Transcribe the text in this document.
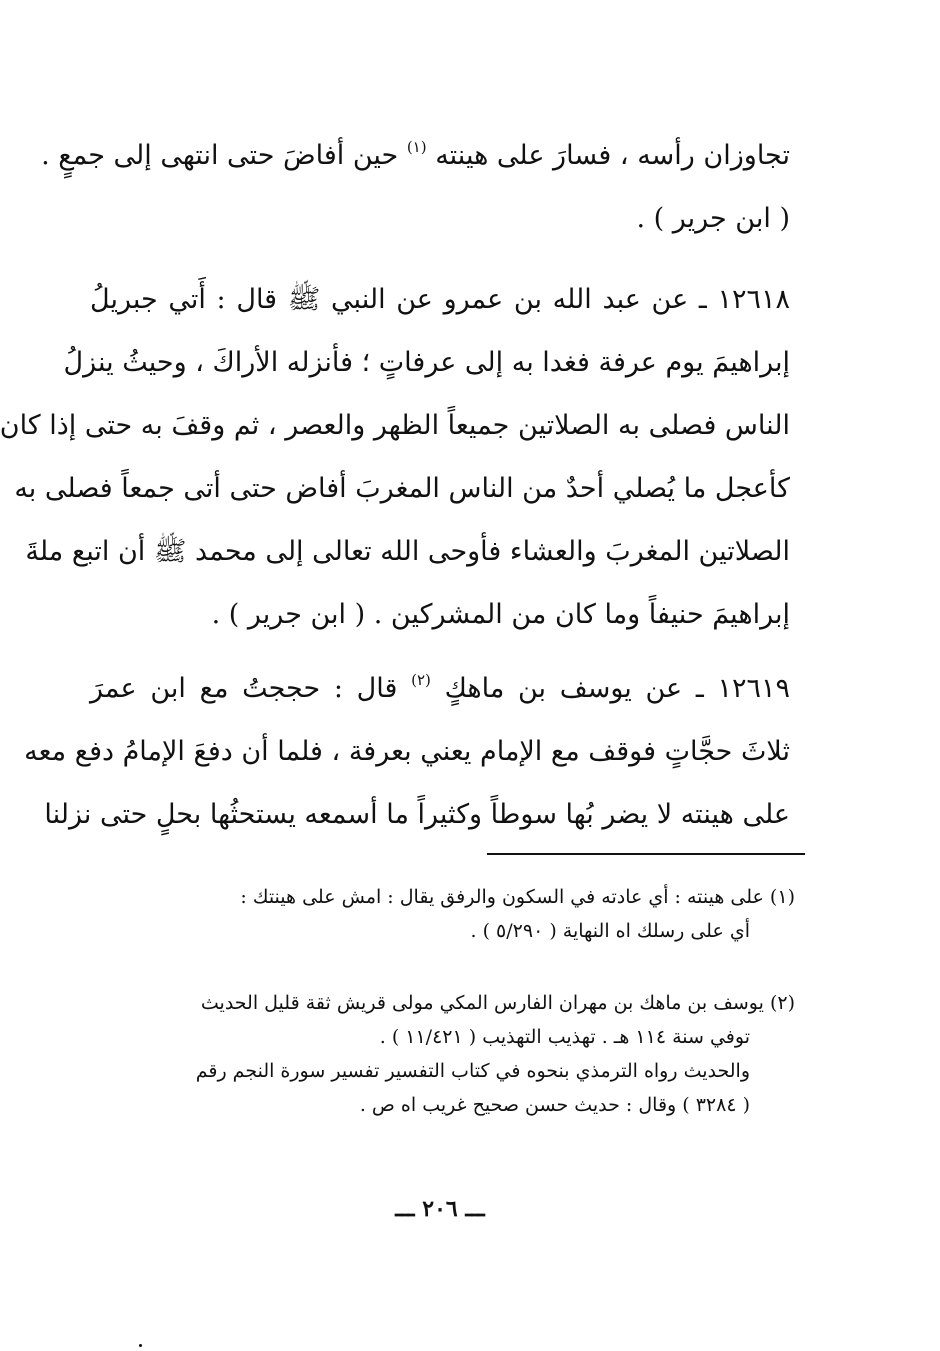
تجاوزان رأسه ، فسارَ على هينته $^{(١)}$ حين أفاضَ حتى انتهى إلى جمعٍ .
( ابن جرير ) .
١٢٦١٨ ـ عن عبد الله بن عمرو عن النبي ﷺ قال : أَتي جبريلُ
إبراهيمَ يوم عرفة فغدا به إلى عرفاتٍ ؛ فأنزله الأراكَ ، وحيثُ ينزلُ
الناس فصلى به الصلاتين جميعاً الظهر والعصر ، ثم وقفَ به حتى إذا كان
كأعجل ما يُصلي أحدٌ من الناس المغربَ أفاض حتى أتى جمعاً فصلى به
الصلاتين المغربَ والعشاء فأوحى الله تعالى إلى محمد ﷺ أن اتبع ملةَ
إبراهيمَ حنيفاً وما كان من المشركين . ( ابن جرير ) .
١٢٦١٩ ـ عن يوسف بن ماهكٍ $^{(٢)}$ قال : حججتُ مع ابن عمرَ
ثلاثَ حجَّاتٍ فوقف مع الإمام يعني بعرفة ، فلما أن دفعَ الإمامُ دفع معه
على هينته لا يضر بُها سوطاً وكثيراً ما أسمعه يستحثُها بحلٍ حتى نزلنا
(١) على هينته : أي عادته في السكون والرفق يقال : امش على هينتك :
أي على رسلك اه النهاية ( ٥/٢٩٠ ) .
(٢) يوسف بن ماهك بن مهران الفارس المكي مولى قريش ثقة قليل الحديث
توفي سنة ١١٤ هـ . تهذيب التهذيب ( ١١/٤٢١ ) .
والحديث رواه الترمذي بنحوه في كتاب التفسير تفسير سورة النجم رقم
( ٣٢٨٤ ) وقال : حديث حسن صحيح غريب اه ص .
ـــ ٢٠٦ ـــ
